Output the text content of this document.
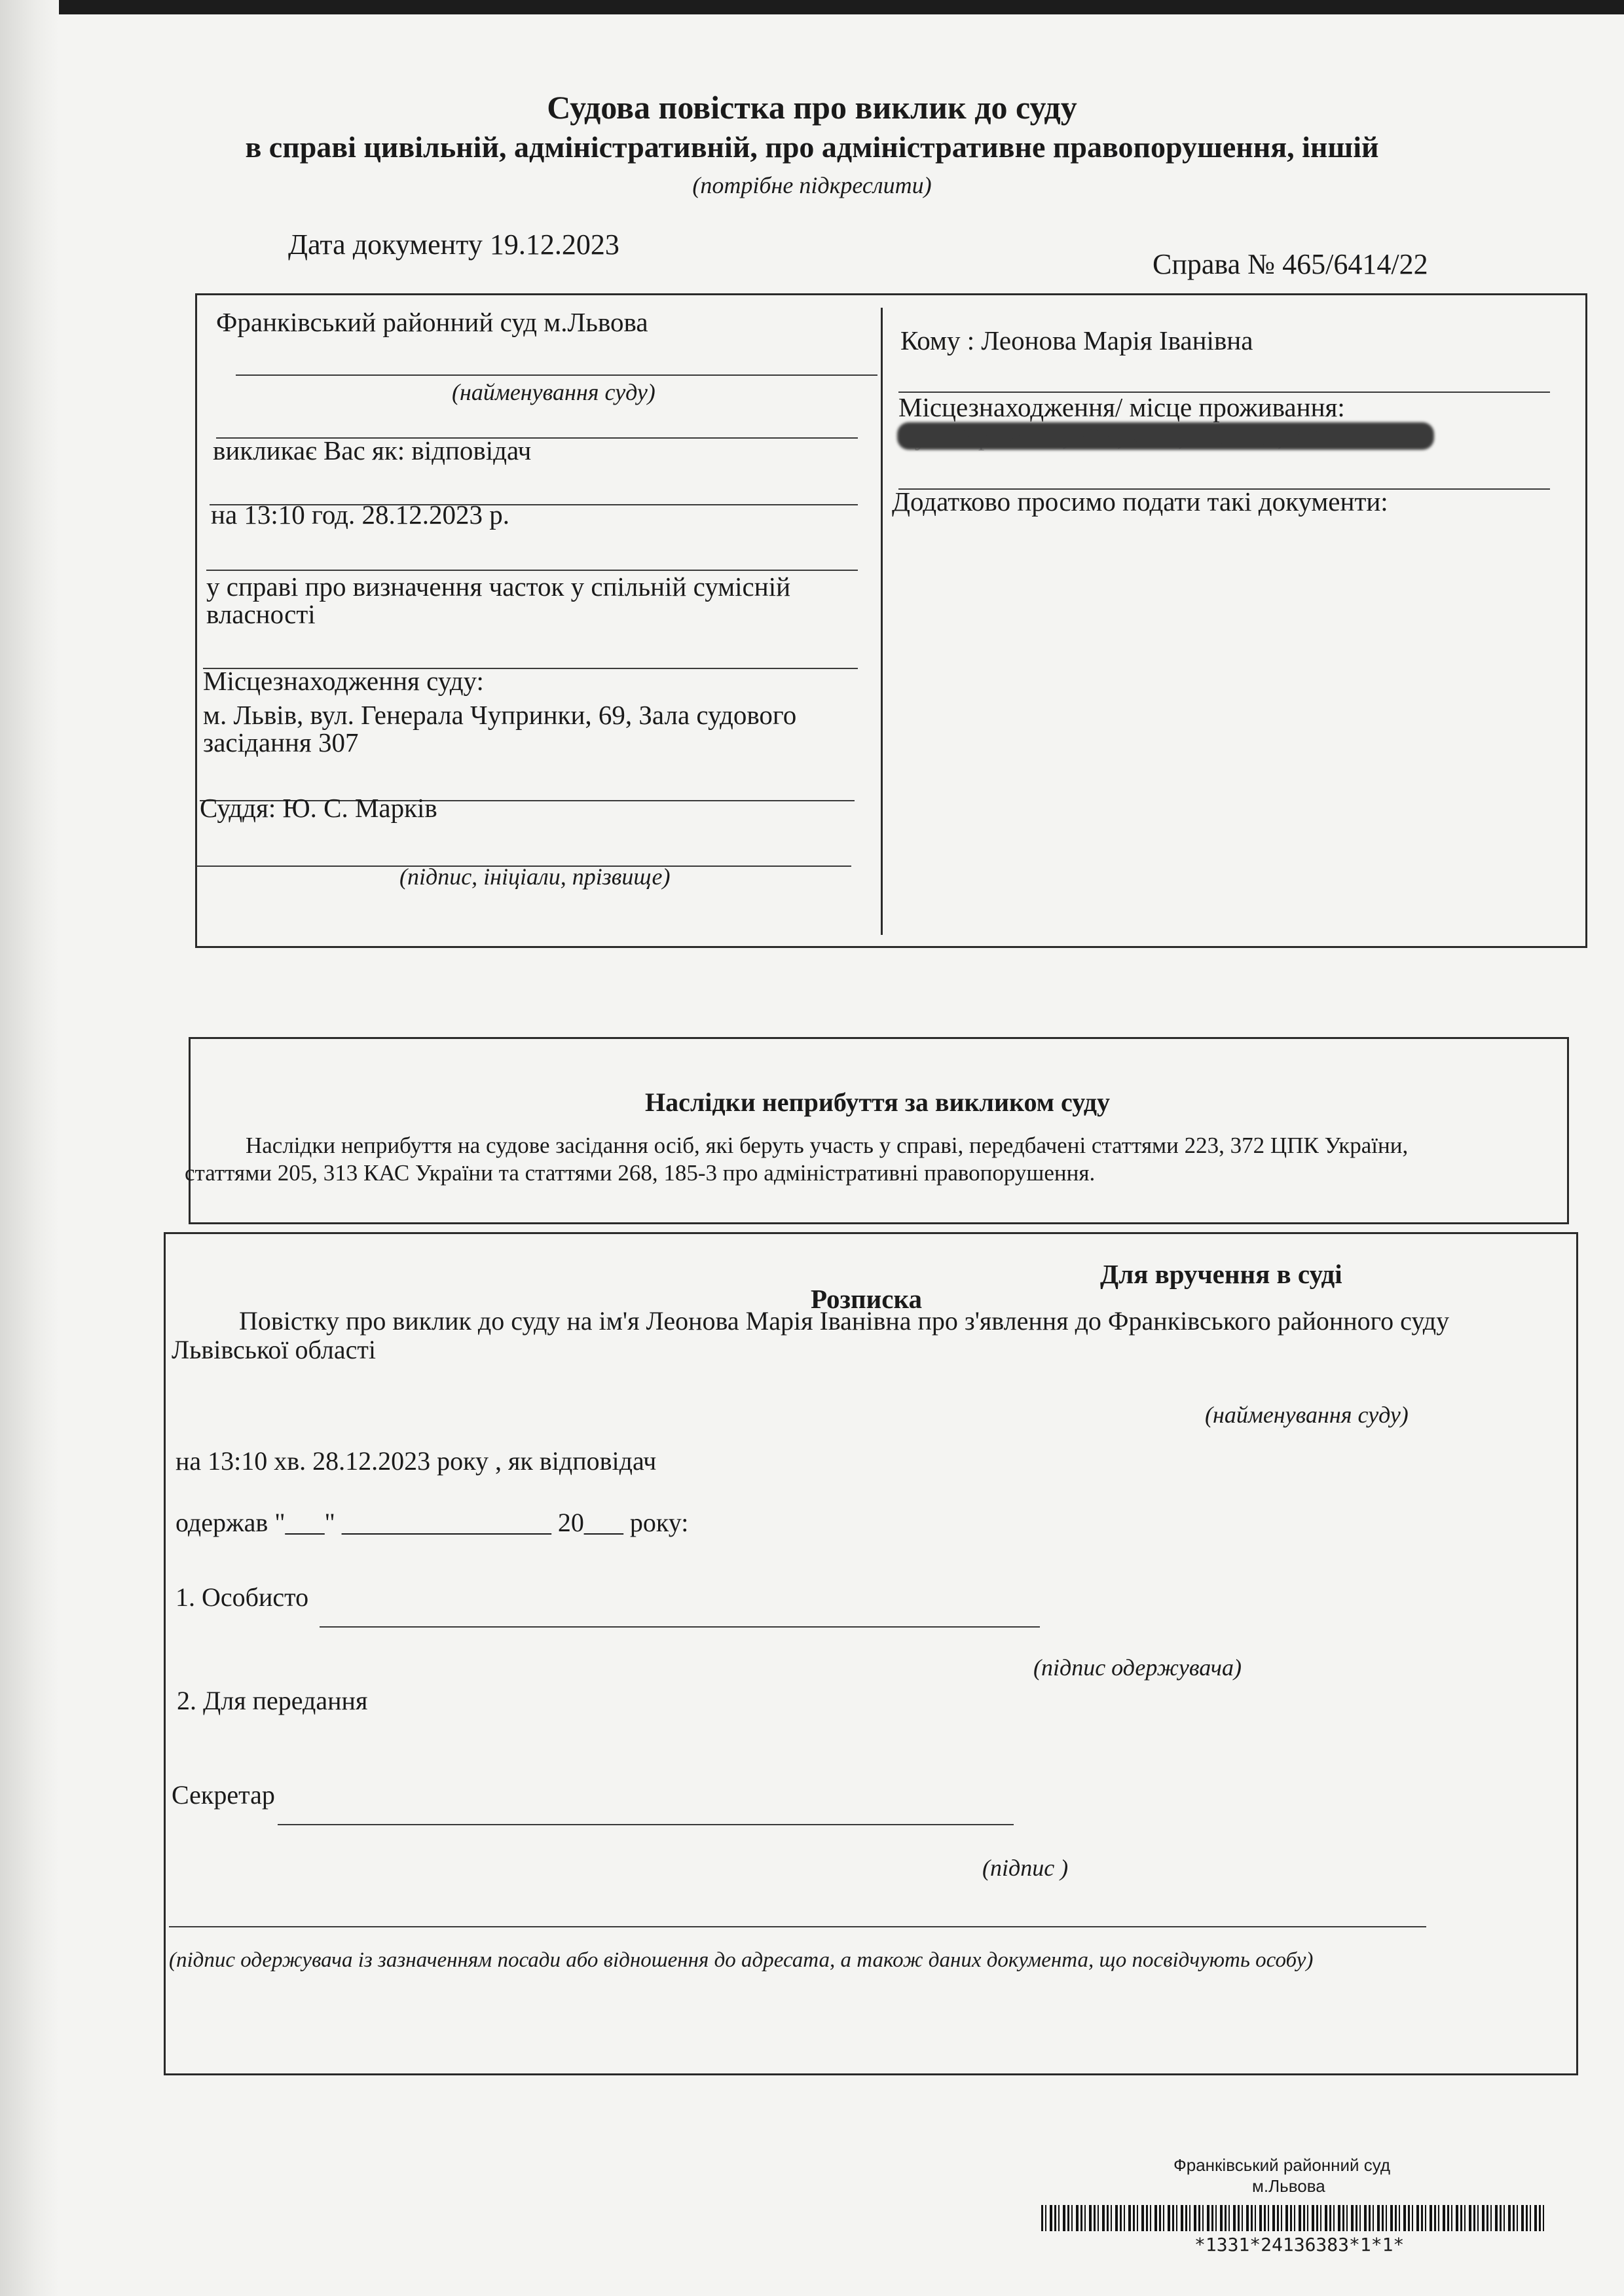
Судова повістка про виклик до суду
в справі цивільній, адміністративній, про адміністративне правопорушення, іншій
(потрібне підкреслити)
Дата документу 19.12.2023
Справа № 465/6414/22
Франківський районний суд м.Львова
(найменування суду)
викликає Вас як: відповідач
на 13:10 год. 28.12.2023 р.
у справі про визначення часток у спільній сумісній
власності
Місцезнаходження суду:
м. Львів, вул. Генерала Чупринки, 69, Зала судового
засідання 307
Суддя: Ю. С. Марків
(підпис, ініціали, прізвище)
Кому : Леонова Марія Іванівна
Місцезнаходження/ місце проживання:
вул. Стрийська, 70 а, кв. 8, м. Львів, 79026
Додатково просимо подати такі документи:
Наслідки неприбуття за викликом суду
Наслідки неприбуття на судове засідання осіб, які беруть участь у справі, передбачені статтями 223, 372 ЦПК України,
статтями 205, 313 КАС України та статтями 268, 185-3 про адміністративні правопорушення.
Для вручення в суді
Розписка
Повістку про виклик до суду на ім'я Леонова Марія Іванівна про з'явлення до Франківського районного суду
Львівської області
(найменування суду)
на 13:10 хв. 28.12.2023 року , як відповідач
одержав "___" ________________ 20___ року:
1. Особисто
(підпис одержувача)
2. Для передання
Секретар
(підпис )
(підпис одержувача із зазначенням посади або відношення до адресата, а також даних документа, що посвідчують особу)
Франківський районний суд
м.Львова
*1331*24136383*1*1*
